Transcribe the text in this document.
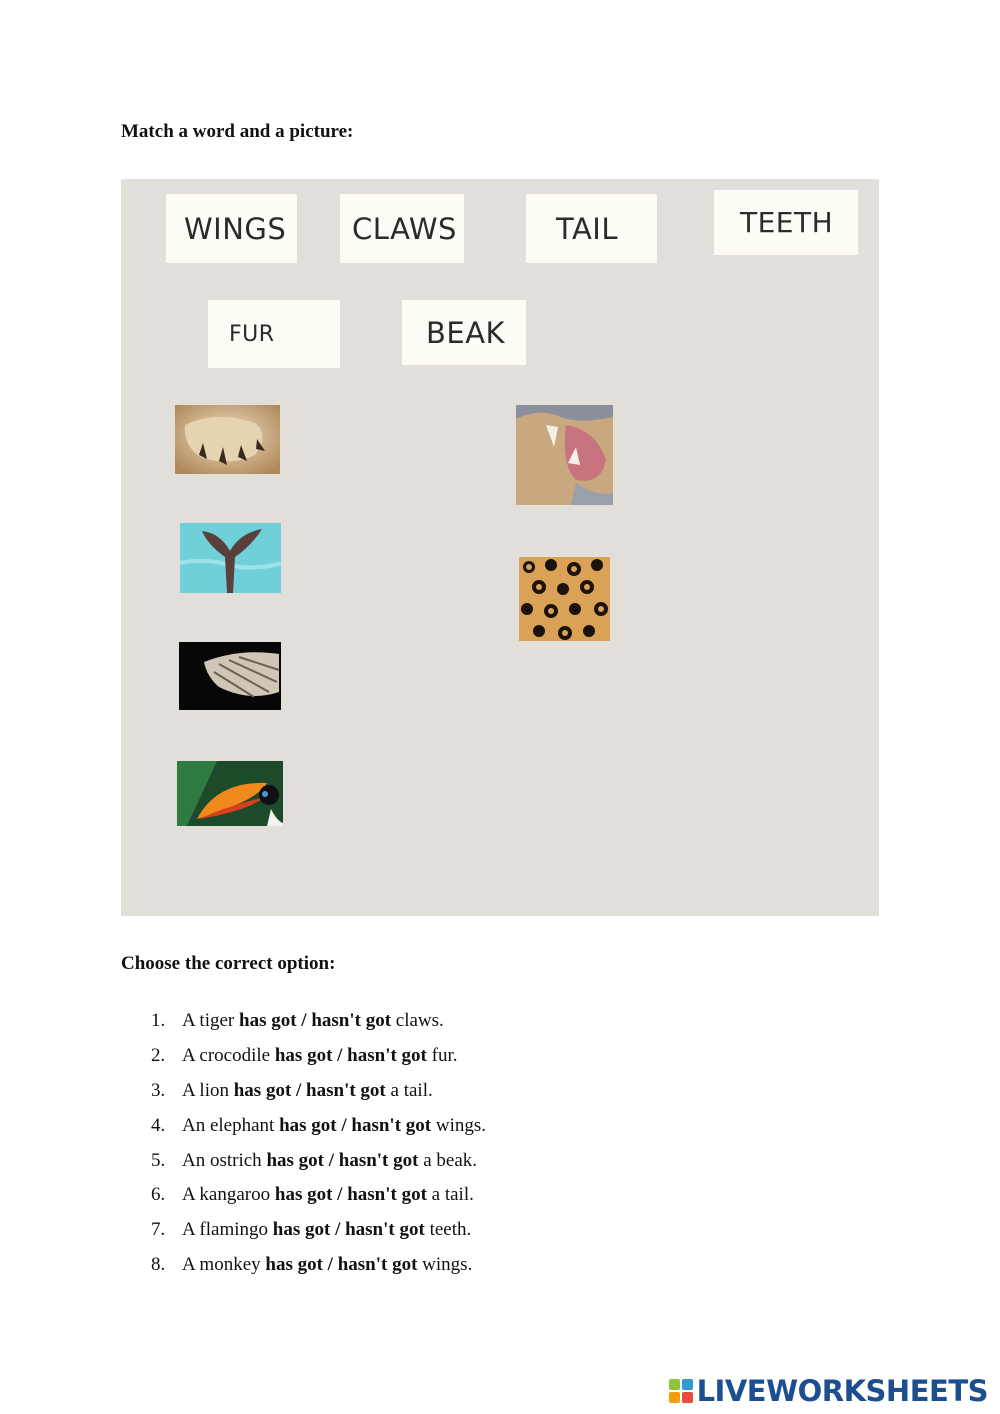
Match a word and a picture:
WINGS	CLAWS	TAIL	TEETH
FUR	BEAK
Choose the correct option:
1. A tiger has got / hasn't got claws.
2. A crocodile has got / hasn't got fur.
3. A lion has got / hasn't got a tail.
4. An elephant has got / hasn't got wings.
5. An ostrich has got / hasn't got a beak.
6. A kangaroo has got / hasn't got a tail.
7. A flamingo has got / hasn't got teeth.
8. A monkey has got / hasn't got wings.
LIVEWORKSHEETS
